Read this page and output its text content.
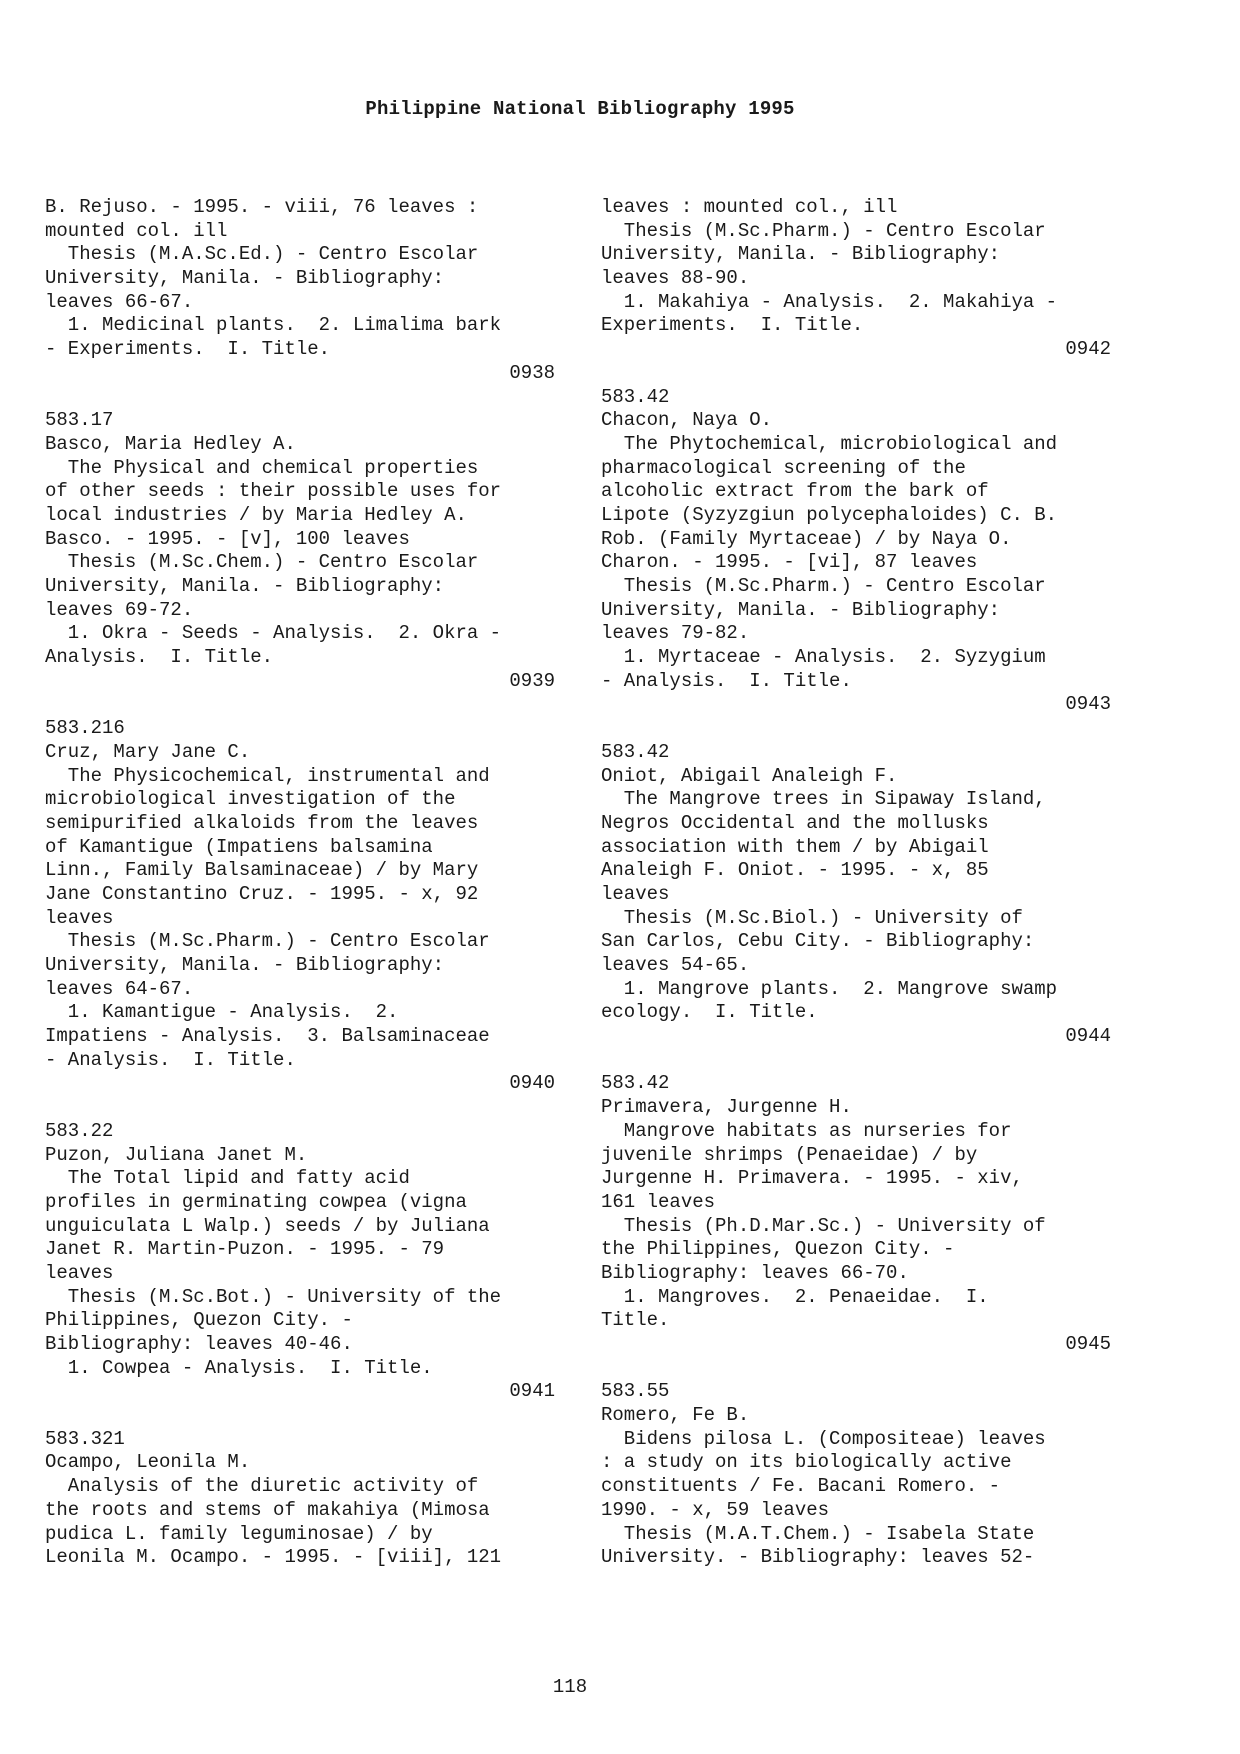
Philippine National Bibliography 1995
B. Rejuso. - 1995. - viii, 76 leaves :
mounted col. ill
Thesis (M.A.Sc.Ed.) - Centro Escolar
University, Manila. - Bibliography:
leaves 66-67.
1. Medicinal plants.  2. Limalima bark
- Experiments.  I. Title.
0938
583.17
Basco, Maria Hedley A.
The Physical and chemical properties
of other seeds : their possible uses for
local industries / by Maria Hedley A.
Basco. - 1995. - [v], 100 leaves
Thesis (M.Sc.Chem.) - Centro Escolar
University, Manila. - Bibliography:
leaves 69-72.
1. Okra - Seeds - Analysis.  2. Okra -
Analysis.  I. Title.
0939
583.216
Cruz, Mary Jane C.
The Physicochemical, instrumental and
microbiological investigation of the
semipurified alkaloids from the leaves
of Kamantigue (Impatiens balsamina
Linn., Family Balsaminaceae) / by Mary
Jane Constantino Cruz. - 1995. - x, 92
leaves
Thesis (M.Sc.Pharm.) - Centro Escolar
University, Manila. - Bibliography:
leaves 64-67.
1. Kamantigue - Analysis.  2.
Impatiens - Analysis.  3. Balsaminaceae
- Analysis.  I. Title.
0940
583.22
Puzon, Juliana Janet M.
The Total lipid and fatty acid
profiles in germinating cowpea (vigna
unguiculata L Walp.) seeds / by Juliana
Janet R. Martin-Puzon. - 1995. - 79
leaves
Thesis (M.Sc.Bot.) - University of the
Philippines, Quezon City. -
Bibliography: leaves 40-46.
1. Cowpea - Analysis.  I. Title.
0941
583.321
Ocampo, Leonila M.
Analysis of the diuretic activity of
the roots and stems of makahiya (Mimosa
pudica L. family leguminosae) / by
Leonila M. Ocampo. - 1995. - [viii], 121
leaves : mounted col., ill
Thesis (M.Sc.Pharm.) - Centro Escolar
University, Manila. - Bibliography:
leaves 88-90.
1. Makahiya - Analysis.  2. Makahiya -
Experiments.  I. Title.
0942
583.42
Chacon, Naya O.
The Phytochemical, microbiological and
pharmacological screening of the
alcoholic extract from the bark of
Lipote (Syzyzgiun polycephaloides) C. B.
Rob. (Family Myrtaceae) / by Naya O.
Charon. - 1995. - [vi], 87 leaves
Thesis (M.Sc.Pharm.) - Centro Escolar
University, Manila. - Bibliography:
leaves 79-82.
1. Myrtaceae - Analysis.  2. Syzygium
- Analysis.  I. Title.
0943
583.42
Oniot, Abigail Analeigh F.
The Mangrove trees in Sipaway Island,
Negros Occidental and the mollusks
association with them / by Abigail
Analeigh F. Oniot. - 1995. - x, 85
leaves
Thesis (M.Sc.Biol.) - University of
San Carlos, Cebu City. - Bibliography:
leaves 54-65.
1. Mangrove plants.  2. Mangrove swamp
ecology.  I. Title.
0944
583.42
Primavera, Jurgenne H.
Mangrove habitats as nurseries for
juvenile shrimps (Penaeidae) / by
Jurgenne H. Primavera. - 1995. - xiv,
161 leaves
Thesis (Ph.D.Mar.Sc.) - University of
the Philippines, Quezon City. -
Bibliography: leaves 66-70.
1. Mangroves.  2. Penaeidae.  I.
Title.
0945
583.55
Romero, Fe B.
Bidens pilosa L. (Compositeae) leaves
: a study on its biologically active
constituents / Fe. Bacani Romero. -
1990. - x, 59 leaves
Thesis (M.A.T.Chem.) - Isabela State
University. - Bibliography: leaves 52-
118
